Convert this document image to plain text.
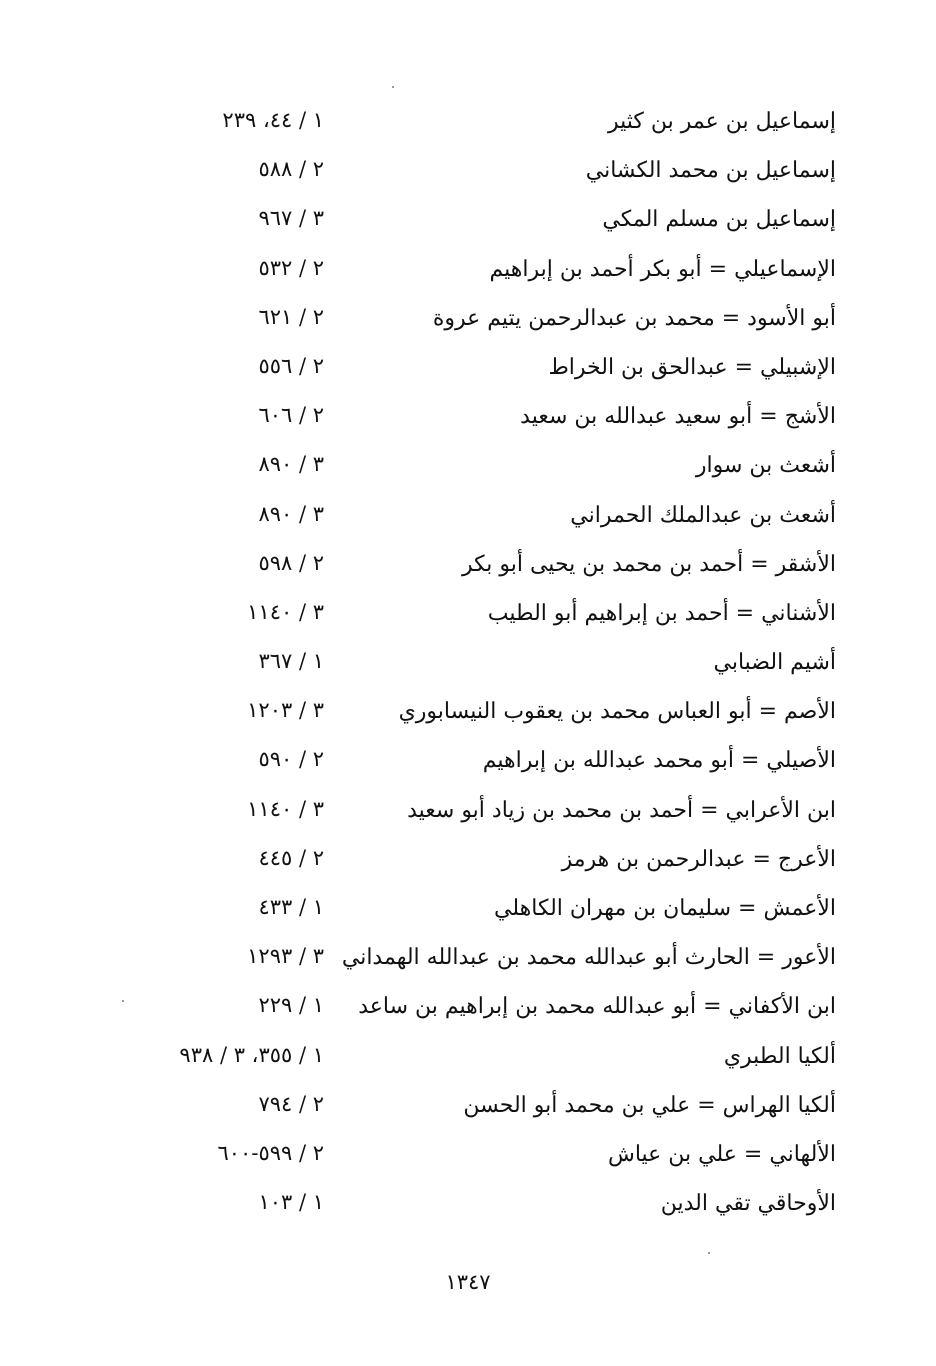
إسماعيل بن عمر بن كثير
١ / ٤٤، ٢٣٩
إسماعيل بن محمد الكشاني
٢ / ٥٨٨
إسماعيل بن مسلم المكي
٣ / ٩٦٧
الإسماعيلي = أبو بكر أحمد بن إبراهيم
٢ / ٥٣٢
أبو الأسود = محمد بن عبدالرحمن يتيم عروة
٢ / ٦٢١
الإشبيلي = عبدالحق بن الخراط
٢ / ٥٥٦
الأشج = أبو سعيد عبدالله بن سعيد
٢ / ٦٠٦
أشعث بن سوار
٣ / ٨٩٠
أشعث بن عبدالملك الحمراني
٣ / ٨٩٠
الأشقر = أحمد بن محمد بن يحيى أبو بكر
٢ / ٥٩٨
الأشناني = أحمد بن إبراهيم أبو الطيب
٣ / ١١٤٠
أشيم الضبابي
١ / ٣٦٧
الأصم = أبو العباس محمد بن يعقوب النيسابوري
٣ / ١٢٠٣
الأصيلي = أبو محمد عبدالله بن إبراهيم
٢ / ٥٩٠
ابن الأعرابي = أحمد بن محمد بن زياد أبو سعيد
٣ / ١١٤٠
الأعرج = عبدالرحمن بن هرمز
٢ / ٤٤٥
الأعمش = سليمان بن مهران الكاهلي
١ / ٤٣٣
الأعور = الحارث أبو عبدالله محمد بن عبدالله الهمداني
٣ / ١٢٩٣
ابن الأكفاني = أبو عبدالله محمد بن إبراهيم بن ساعد
١ / ٢٢٩
ألكيا الطبري
١ / ٣٥٥، ٣ / ٩٣٨
ألكيا الهراس = علي بن محمد أبو الحسن
٢ / ٧٩٤
الألهاني = علي بن عياش
٢ / ٥٩٩-٦٠٠
الأوحاقي تقي الدين
١ / ١٠٣
١٣٤٧
